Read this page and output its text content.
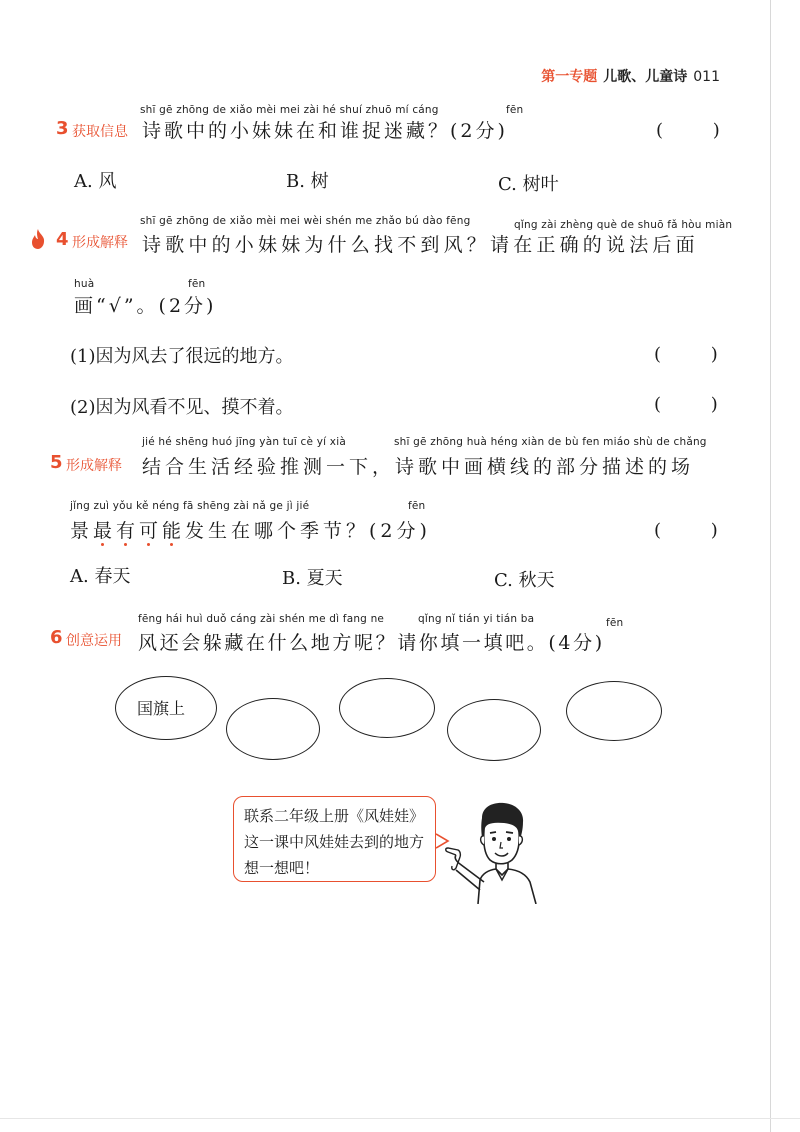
第一专题 儿歌、儿童诗 011
shī gē zhōng de xiǎo mèi mei zài hé shuí zhuō mí cáng	fēn
3 获取信息 诗歌中的小妹妹在和谁捉迷藏？(2分)	( )
A. 风	B. 树	C. 树叶
shī gē zhōng de xiǎo mèi mei wèi shén me zhǎo bú dào fēng	qǐng zài zhèng què de shuō fǎ hòu miàn
4 形成解释 诗歌中的小妹妹为什么找不到风？请在正确的说法后面
huà	fēn
画“√”。(2分)
(1)因为风去了很远的地方。	( )
(2)因为风看不见、摸不着。	( )
jié hé shēng huó jīng yàn tuī cè yí xià	shī gē zhōng huà héng xiàn de bù fen miáo shù de chǎng
5 形成解释 结合生活经验推测一下，诗歌中画横线的部分描述的场
jǐng zuì yǒu kě néng fā shēng zài nǎ ge jì jié	fēn
景最有可能发生在哪个季节？(2分)	( )
A. 春天	B. 夏天	C. 秋天
fēng hái huì duǒ cáng zài shén me dì fang ne	qǐng nǐ tián yi tián ba	fēn
6 创意运用 风还会躲藏在什么地方呢？请你填一填吧。(4分)
国旗上
联系二年级上册《风娃娃》这一课中风娃娃去到的地方想一想吧！
